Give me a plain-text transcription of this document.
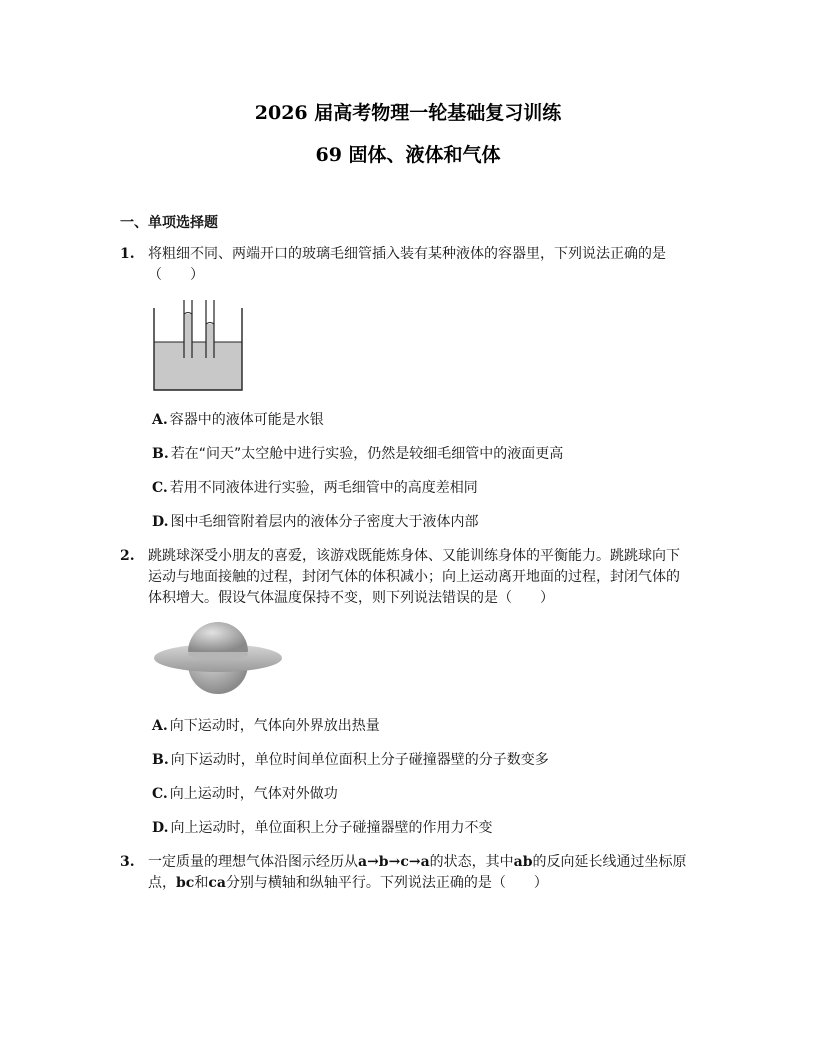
2026 届高考物理一轮基础复习训练
69 固体、液体和气体
一、单项选择题
1. 将粗细不同、两端开口的玻璃毛细管插入装有某种液体的容器里，下列说法正确的是（　　）
A. 容器中的液体可能是水银
B. 若在“问天”太空舱中进行实验，仍然是较细毛细管中的液面更高
C. 若用不同液体进行实验，两毛细管中的高度差相同
D. 图中毛细管附着层内的液体分子密度大于液体内部
2. 跳跳球深受小朋友的喜爱，该游戏既能炼身体、又能训练身体的平衡能力。跳跳球向下运动与地面接触的过程，封闭气体的体积减小；向上运动离开地面的过程，封闭气体的体积增大。假设气体温度保持不变，则下列说法错误的是（　　）
A. 向下运动时，气体向外界放出热量
B. 向下运动时，单位时间单位面积上分子碰撞器壁的分子数变多
C. 向上运动时，气体对外做功
D. 向上运动时，单位面积上分子碰撞器壁的作用力不变
3. 一定质量的理想气体沿图示经历从a→b→c→a的状态，其中ab的反向延长线通过坐标原点，bc和ca分别与横轴和纵轴平行。下列说法正确的是（　　）
